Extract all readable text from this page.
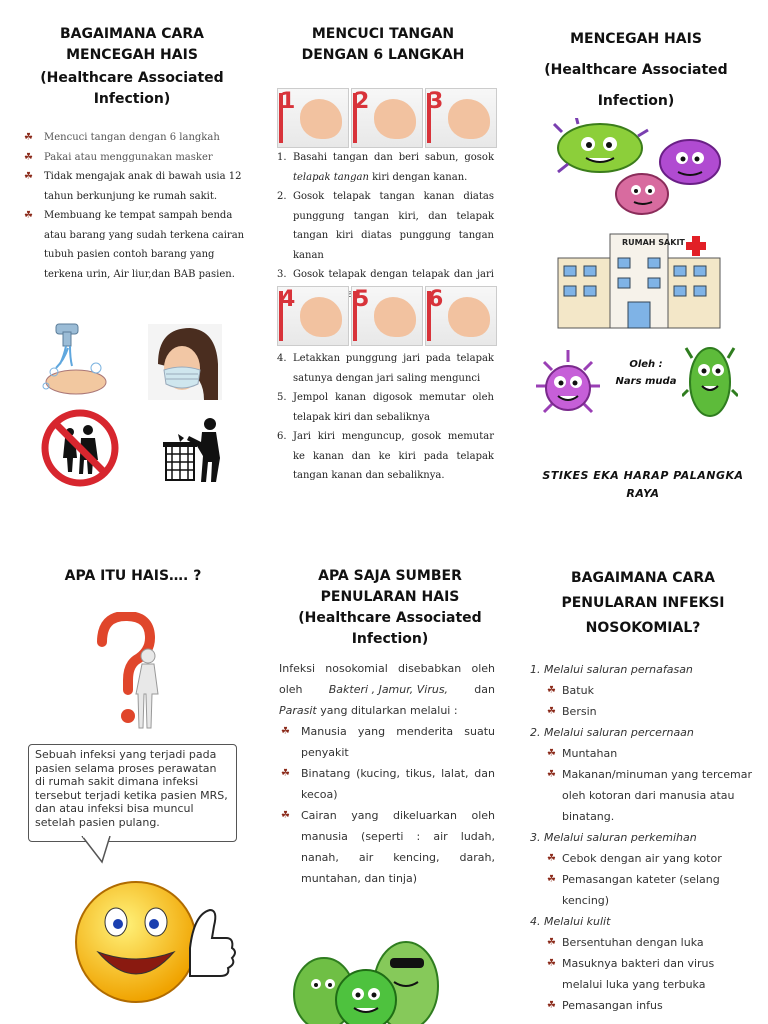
BAGAIMANA CARA
MENCEGAH HAIS
(Healthcare Associated
Infection)
☘ Mencuci tangan dengan 6 langkah
☘ Pakai atau menggunakan masker
☘ Tidak mengajak anak di bawah usia 12 tahun berkunjung ke rumah sakit.
☘ Membuang ke tempat sampah benda atau barang yang sudah terkena cairan tubuh pasien contoh barang yang terkena urin, Air liur,dan BAB pasien.
MENCUCI TANGAN
DENGAN 6 LANGKAH
1	2	3
Basahi tangan dan beri sabun, gosok telapak tangan kiri dengan kanan.
Gosok telapak tangan kanan diatas punggung tangan kiri, dan telapak tangan kiri diatas punggung tangan kanan
Gosok telapak dengan telapak dan jari
4	5	6
Letakkan punggung jari pada telapak satunya dengan jari saling mengunci
Jempol kanan digosok memutar oleh telapak kiri dan sebaliknya
Jari kiri menguncup, gosok memutar ke kanan dan ke kiri pada telapak tangan kanan dan sebaliknya.
MENCEGAH HAIS
(Healthcare Associated
Infection)
RUMAH SAKIT
Oleh :
Nars muda
STIKES EKA HARAP PALANGKA
RAYA
APA ITU HAIS…. ?
Sebuah infeksi yang terjadi pada pasien selama proses perawatan di rumah sakit dimana infeksi tersebut terjadi ketika pasien MRS, dan atau infeksi bisa muncul setelah pasien pulang.
APA SAJA SUMBER
PENULARAN HAIS
(Healthcare Associated
Infection)
Infeksi nosokomial disebabkan oleh
oleh Bakteri , Jamur, Virus, dan
Parasit yang ditularkan melalui :
☘ Manusia yang menderita suatu penyakit
☘ Binatang (kucing, tikus, lalat, dan kecoa)
☘ Cairan yang dikeluarkan oleh manusia (seperti : air ludah, nanah, air kencing, darah, muntahan, dan tinja)
BAGAIMANA CARA
PENULARAN INFEKSI
NOSOKOMIAL?
1. Melalui saluran pernafasan
☘ Batuk
☘ Bersin
2. Melalui saluran percernaan
☘ Muntahan
☘ Makanan/minuman yang tercemar oleh kotoran dari manusia atau binatang.
3. Melalui saluran perkemihan
☘ Cebok dengan air yang kotor
☘ Pemasangan kateter (selang kencing)
4. Melalui kulit
☘ Bersentuhan dengan luka
☘ Masuknya bakteri dan virus melalui luka yang terbuka
☘ Pemasangan infus
